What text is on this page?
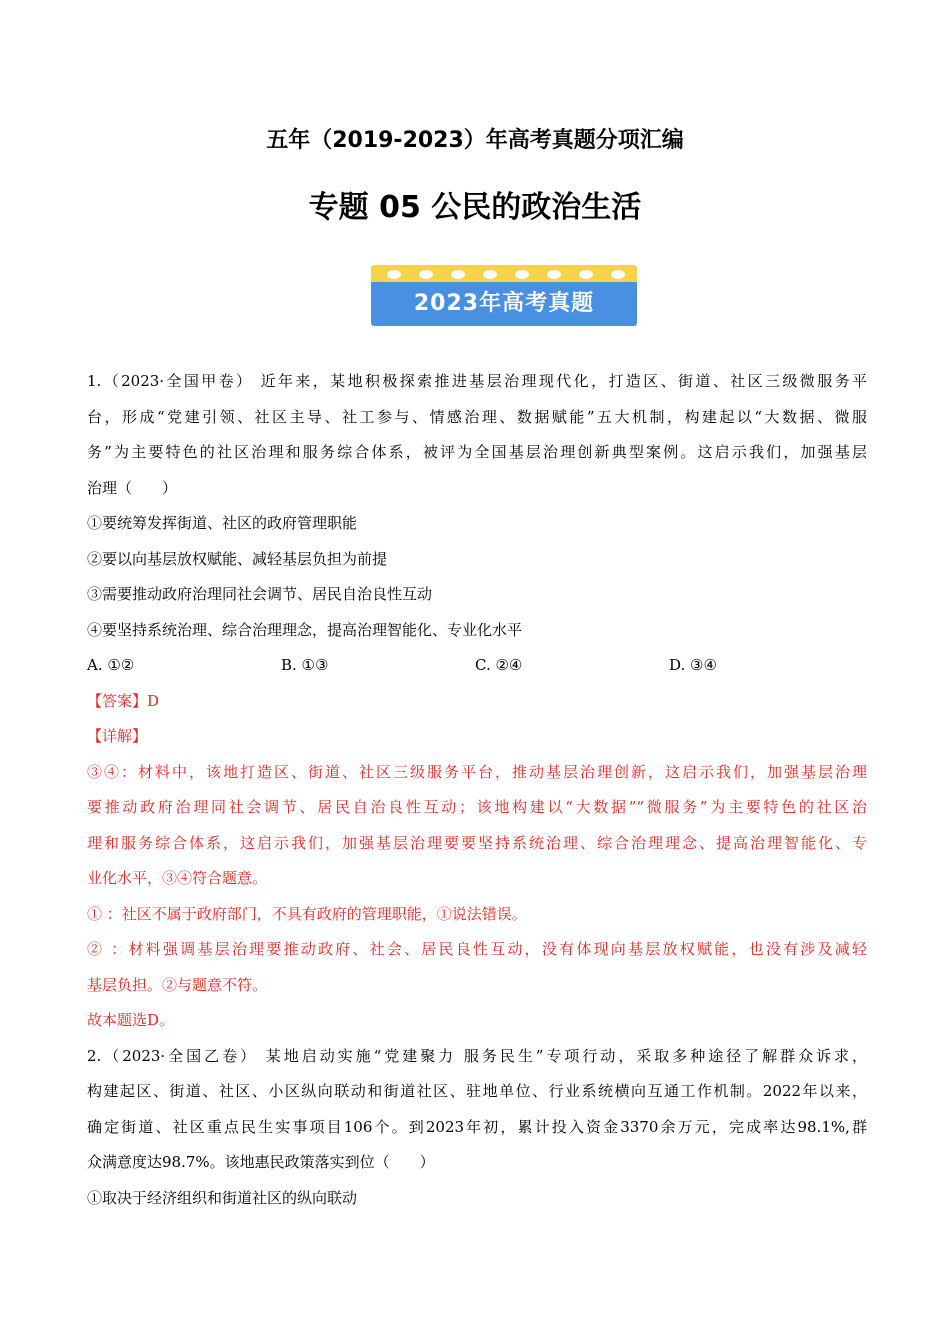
五年（2019-2023）年高考真题分项汇编
专题 05 公民的政治生活
2023年高考真题
1.（2023·全国甲卷） 近年来，某地积极探索推进基层治理现代化，打造区、街道、社区三级微服务平
台，形成“党建引领、社区主导、社工参与、情感治理、数据赋能”五大机制，构建起以“大数据、微服
务”为主要特色的社区治理和服务综合体系，被评为全国基层治理创新典型案例。这启示我们，加强基层
治理（　　）
①要统筹发挥街道、社区的政府管理职能
②要以向基层放权赋能、减轻基层负担为前提
③需要推动政府治理同社会调节、居民自治良性互动
④要坚持系统治理、综合治理理念，提高治理智能化、专业化水平
A. ①②	B. ①③	C. ②④	D. ③④
【答案】D
【详解】
③④：材料中，该地打造区、街道、社区三级服务平台，推动基层治理创新，这启示我们，加强基层治理
要推动政府治理同社会调节、居民自治良性互动；该地构建以“大数据”“微服务”为主要特色的社区治
理和服务综合体系，这启示我们，加强基层治理要要坚持系统治理、综合治理理念、提高治理智能化、专
业化水平，③④符合题意。
① ：社区不属于政府部门，不具有政府的管理职能，①说法错误。
② ：材料强调基层治理要推动政府、社会、居民良性互动，没有体现向基层放权赋能，也没有涉及减轻
基层负担。②与题意不符。
故本题选D。
2.（2023·全国乙卷） 某地启动实施“党建聚力 服务民生”专项行动，采取多种途径了解群众诉求，
构建起区、街道、社区、小区纵向联动和街道社区、驻地单位、行业系统横向互通工作机制。2022年以来，
确定街道、社区重点民生实事项目106个。到2023年初，累计投入资金3370余万元，完成率达98.1%,群
众满意度达98.7%。该地惠民政策落实到位（　　）
①取决于经济组织和街道社区的纵向联动
